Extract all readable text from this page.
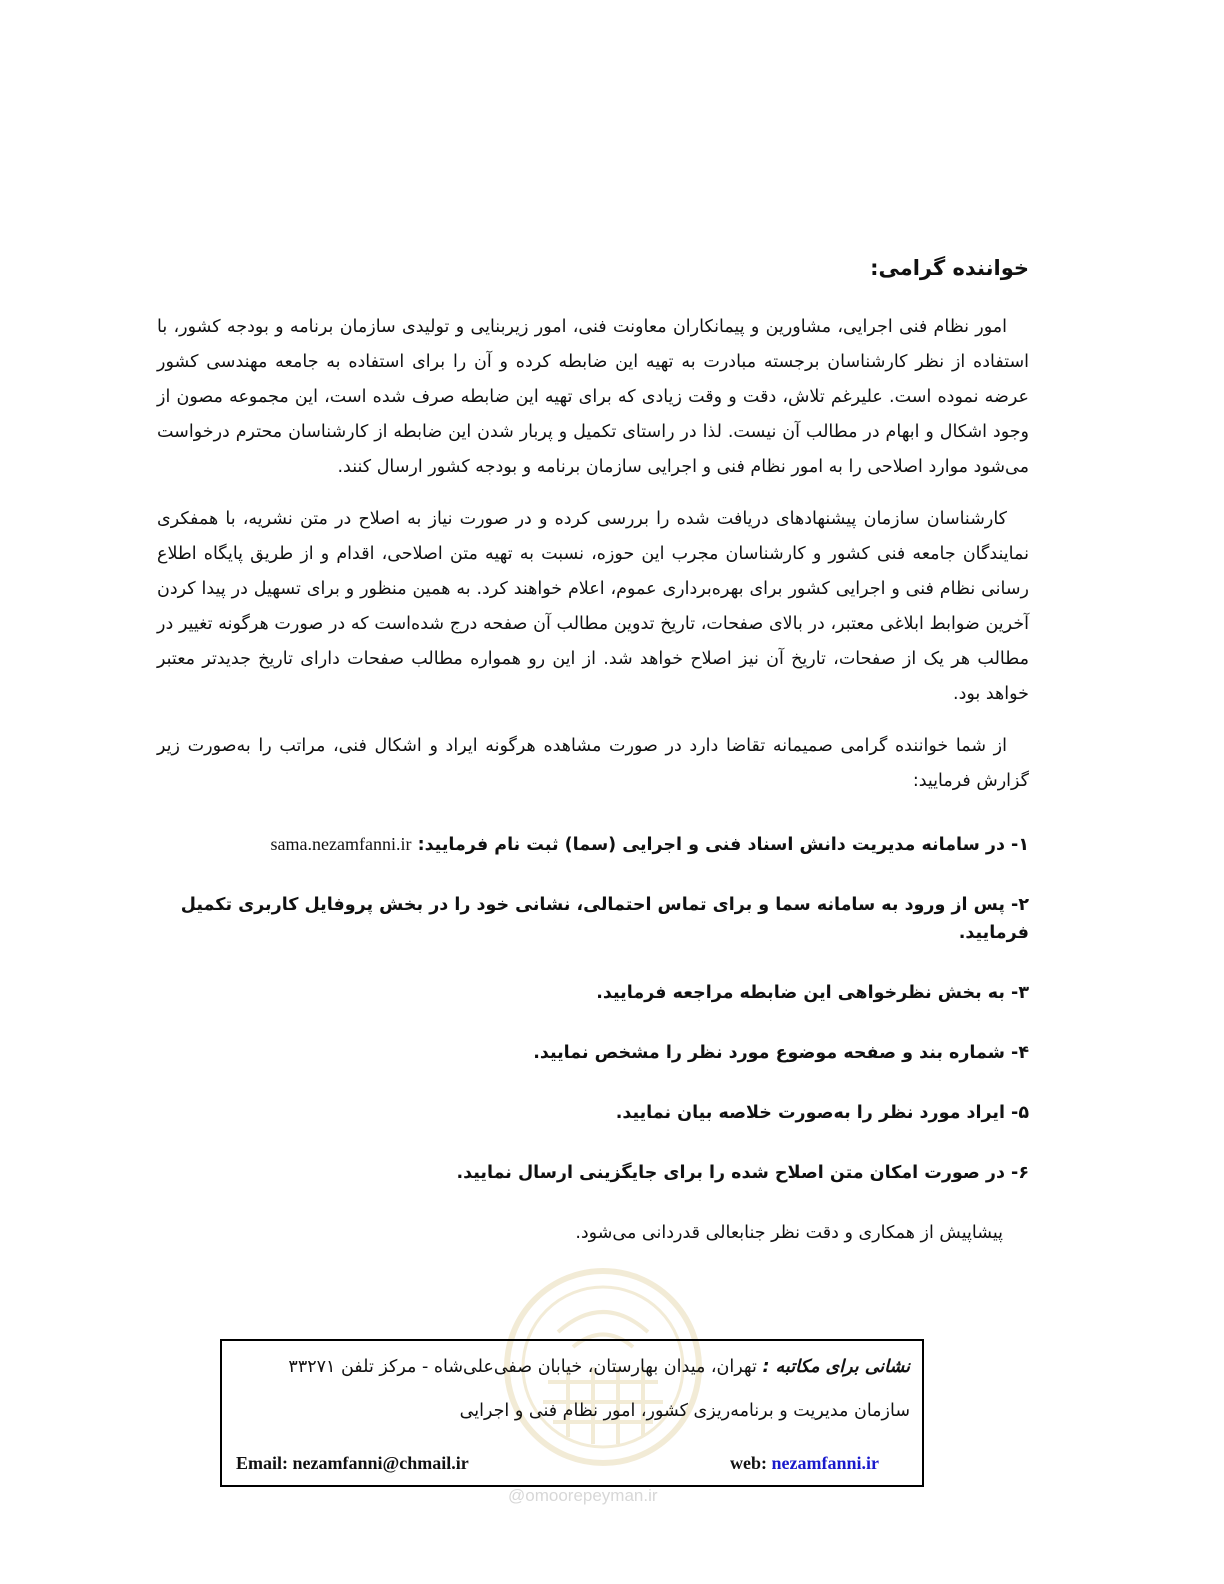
خواننده گرامی:

امور نظام فنی اجرایی، مشاورین و پیمانکاران معاونت فنی، امور زیربنایی و تولیدی سازمان برنامه و بودجه کشور، با استفاده از نظر کارشناسان برجسته مبادرت به تهیه این ضابطه کرده و آن را برای استفاده به جامعه مهندسی کشور عرضه نموده است. علیرغم تلاش، دقت و وقت زیادی که برای تهیه این ضابطه صرف شده است، این مجموعه مصون از وجود اشکال و ابهام در مطالب آن نیست. لذا در راستای تکمیل و پربار شدن این ضابطه از کارشناسان محترم درخواست می‌شود موارد اصلاحی را به امور نظام فنی و اجرایی سازمان برنامه و بودجه کشور ارسال کنند.

کارشناسان سازمان پیشنهادهای دریافت شده را بررسی کرده و در صورت نیاز به اصلاح در متن نشریه، با همفکری نمایندگان جامعه فنی کشور و کارشناسان مجرب این حوزه، نسبت به تهیه متن اصلاحی، اقدام و از طریق پایگاه اطلاع رسانی نظام فنی و اجرایی کشور برای بهره‌برداری عموم، اعلام خواهند کرد. به همین منظور و برای تسهیل در پیدا کردن آخرین ضوابط ابلاغی معتبر، در بالای صفحات، تاریخ تدوین مطالب آن صفحه درج شده‌است که در صورت هرگونه تغییر در مطالب هر یک از صفحات، تاریخ آن نیز اصلاح خواهد شد. از این رو همواره مطالب صفحات دارای تاریخ جدیدتر معتبر خواهد بود.

از شما خواننده گرامی صمیمانه تقاضا دارد در صورت مشاهده هرگونه ایراد و اشکال فنی، مراتب را به‌صورت زیر گزارش فرمایید:

۱- در سامانه مدیریت دانش اسناد فنی و اجرایی (سما) ثبت نام فرمایید: sama.nezamfanni.ir
۲- پس از ورود به سامانه سما و برای تماس احتمالی، نشانی خود را در بخش پروفایل کاربری تکمیل فرمایید.
۳- به بخش نظرخواهی این ضابطه مراجعه فرمایید.
۴- شماره بند و صفحه موضوع مورد نظر را مشخص نمایید.
۵- ایراد مورد نظر را به‌صورت خلاصه بیان نمایید.
۶- در صورت امکان متن اصلاح شده را برای جایگزینی ارسال نمایید.
پیشاپیش از همکاری و دقت نظر جنابعالی قدردانی می‌شود.
@omoorepeyman.ir
نشانی برای مکاتبه : تهران، میدان بهارستان، خیابان صفی‌علی‌شاه - مرکز تلفن ۳۳۲۷۱
سازمان مدیریت و برنامه‌ریزی کشور، امور نظام فنی و اجرایی
Email: nezamfanni@chmail.ir	web: nezamfanni.ir
